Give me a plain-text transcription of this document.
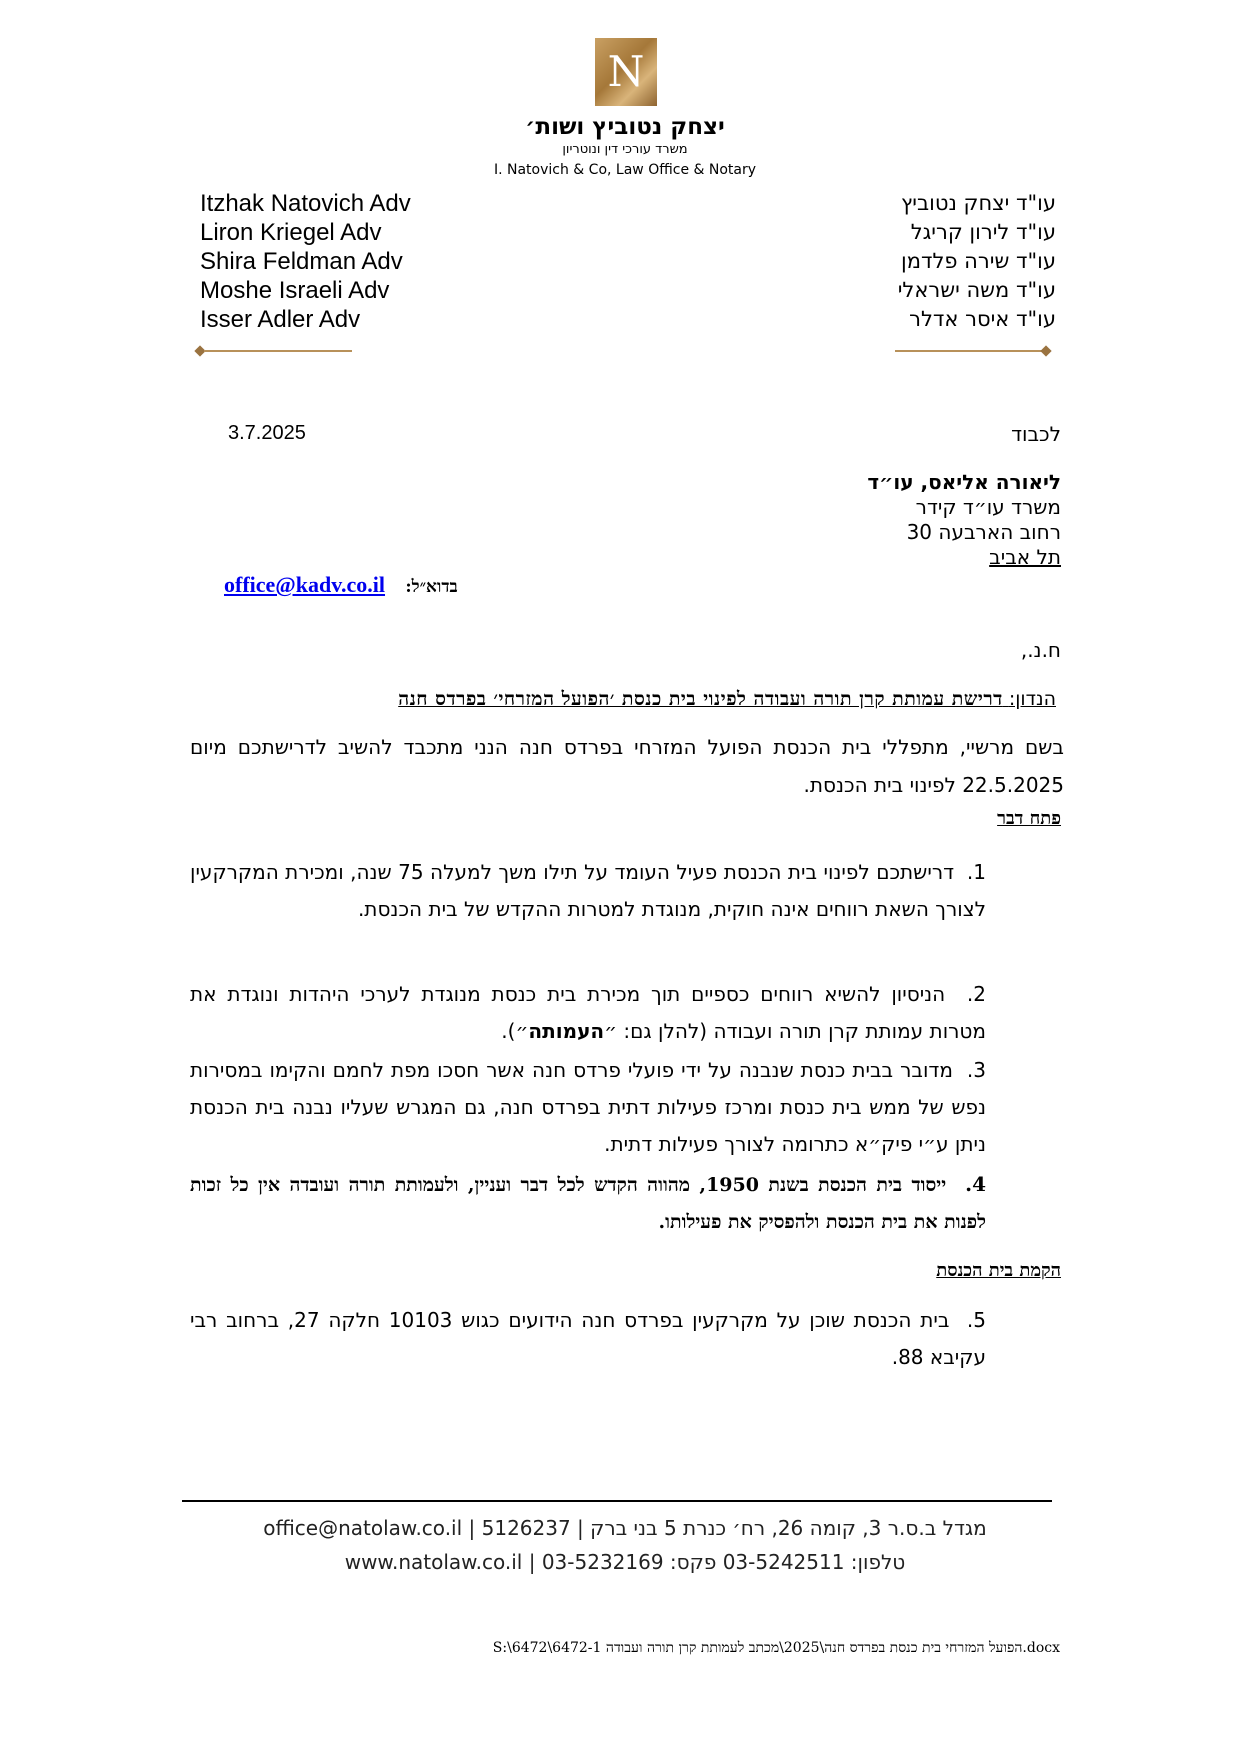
N
יצחק נטוביץ ושות׳
משרד עורכי דין ונוטריון
I. Natovich & Co, Law Office & Notary
Itzhak Natovich Adv
Liron Kriegel Adv
Shira Feldman Adv
Moshe Israeli Adv
Isser Adler Adv
עו"ד יצחק נטוביץ
עו"ד לירון קריגל
עו"ד שירה פלדמן
עו"ד משה ישראלי
עו"ד איסר אדלר
3.7.2025	לכבוד
ליאורה אליאס, עו״ד
משרד עו״ד קידר
רחוב הארבעה 30
תל אביב
בדוא״ל: office@kadv.co.il
ח.נ.,
הנדון: דרישת עמותת קרן תורה ועבודה לפינוי בית כנסת ׳הפועל המזרחי׳ בפרדס חנה
בשם מרשיי, מתפללי בית הכנסת הפועל המזרחי בפרדס חנה הנני מתכבד להשיב לדרישתכם מיום 22.5.2025 לפינוי בית הכנסת.
פתח דבר
1.  דרישתכם לפינוי בית הכנסת פעיל העומד על תילו משך למעלה 75 שנה, ומכירת המקרקעין לצורך השאת רווחים אינה חוקית, מנוגדת למטרות ההקדש של בית הכנסת.
2.  הניסיון להשיא רווחים כספיים תוך מכירת בית כנסת מנוגדת לערכי היהדות ונוגדת את מטרות עמותת קרן תורה ועבודה (להלן גם: ״העמותה״).
3.  מדובר בבית כנסת שנבנה על ידי פועלי פרדס חנה אשר חסכו מפת לחמם והקימו במסירות נפש של ממש בית כנסת ומרכז פעילות דתית בפרדס חנה, גם המגרש שעליו נבנה בית הכנסת ניתן ע״י פיק״א כתרומה לצורך פעילות דתית.
4.  ייסוד בית הכנסת בשנת 1950, מהווה הקדש לכל דבר ועניין, ולעמותת תורה ועובדה אין כל זכות לפנות את בית הכנסת ולהפסיק את פעילותו.
הקמת בית הכנסת
5.  בית הכנסת שוכן על מקרקעין בפרדס חנה הידועים כגוש 10103 חלקה 27, ברחוב רבי עקיבא 88.
מגדל ב.ס.ר 3, קומה 26, רח׳ כנרת 5 בני ברק | 5126237 | office@natolaw.co.il
טלפון: 03-5242511 פקס: 03-5232169 | www.natolaw.co.il
S:\6472\6472-1 הפועל המזרחי בית כנסת בפרדס חנה\2025\מכתב לעמותת קרן תורה ועבודה.docx
